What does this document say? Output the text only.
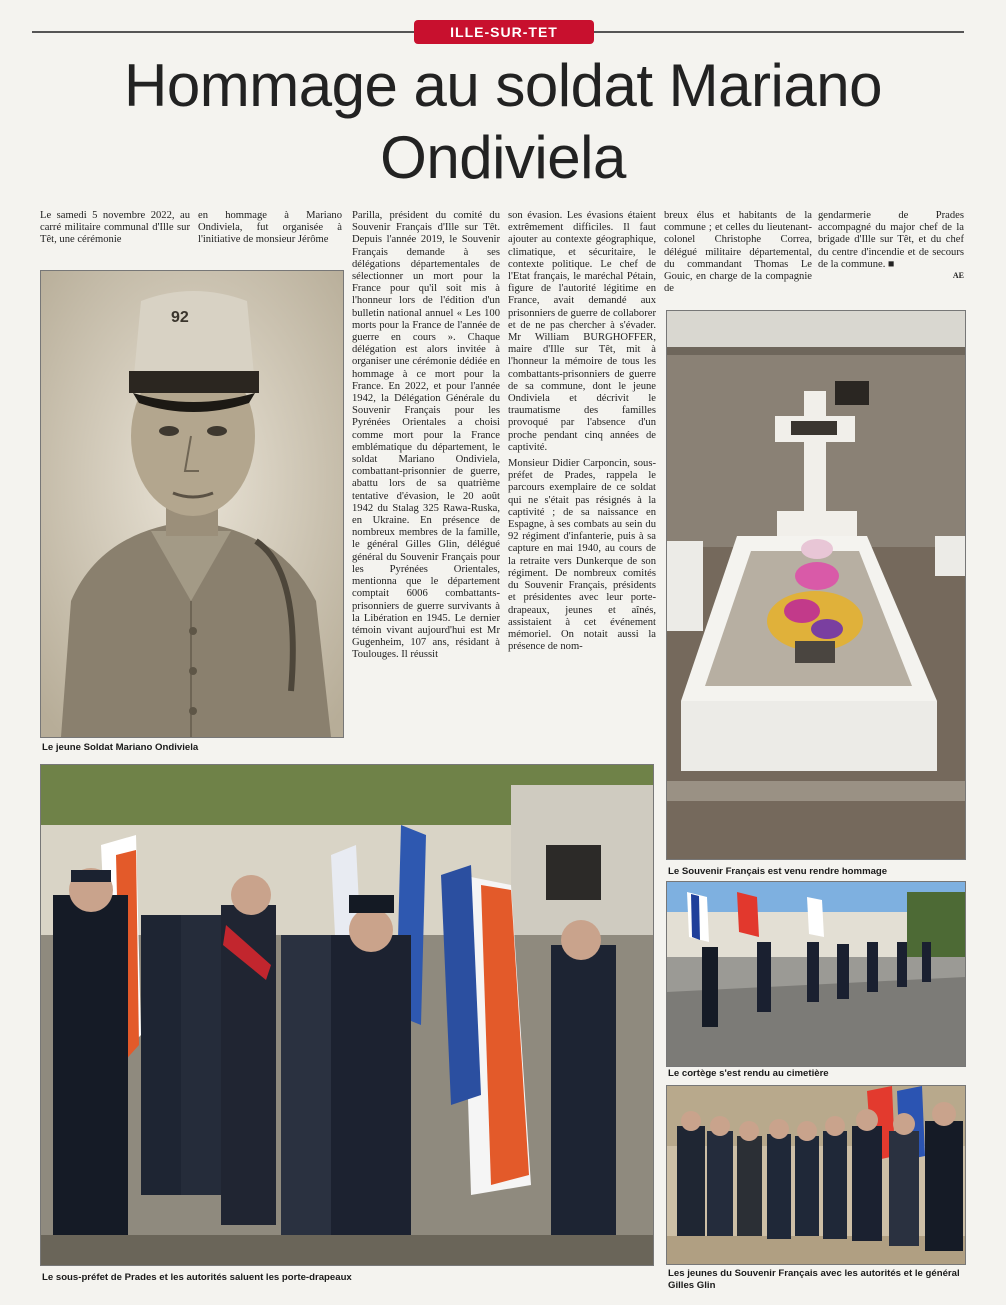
ILLE-SUR-TET
Hommage au soldat Mariano Ondiviela
Le samedi 5 novembre 2022, au carré militaire communal d'Ille sur Têt, une cérémonie
en hommage à Mariano Ondiviela, fut organisée à l'initiative de monsieur Jérôme
Parilla, président du comité du Souvenir Français d'Ille sur Têt. Depuis l'année 2019, le Souvenir Français demande à ses délégations départementales de sélectionner un mort pour la France pour qu'il soit mis à l'honneur lors de l'édition d'un bulletin national annuel « Les 100 morts pour la France de l'année de guerre en cours ». Chaque délégation est alors invitée à organiser une cérémonie dédiée en hommage à ce mort pour la France. En 2022, et pour l'année 1942, la Délégation Générale du Souvenir Français pour les Pyrénées Orientales a choisi comme mort pour la France emblématique du département, le soldat Mariano Ondiviela, combattant-prisonnier de guerre, abattu lors de sa quatrième tentative d'évasion, le 20 août 1942 du Stalag 325 Rawa-Ruska, en Ukraine. En présence de nombreux membres de la famille, le général Gilles Glin, délégué général du Souvenir Français pour les Pyrénées Orientales, mentionna que le département comptait 6006 combattants-prisonniers de guerre survivants à la Libération en 1945. Le dernier témoin vivant aujourd'hui est Mr Gugenheim, 107 ans, résidant à Toulouges. Il réussit
son évasion. Les évasions étaient extrêmement difficiles. Il faut ajouter au contexte géographique, climatique, et sécuritaire, le contexte politique. Le chef de l'Etat français, le maréchal Pétain, figure de l'autorité légitime en France, avait demandé aux prisonniers de guerre de collaborer et de ne pas chercher à s'évader. Mr William BURGHOFFER, maire d'Ille sur Têt, mit à l'honneur la mémoire de tous les combattants-prisonniers de guerre de sa commune, dont le jeune Ondiviela et décrivit le traumatisme des familles provoqué par l'absence d'un proche pendant cinq années de captivité.
Monsieur Didier Carponcin, sous-préfet de Prades, rappela le parcours exemplaire de ce soldat qui ne s'était pas résignés à la captivité ; de sa naissance en Espagne, à ses combats au sein du 92 régiment d'infanterie, puis à sa capture en mai 1940, au cours de la retraite vers Dunkerque de son régiment. De nombreux comités du Souvenir Français, présidents et présidentes avec leur porte-drapeaux, jeunes et aînés, assistaient à cet événement mémoriel. On notait aussi la présence de nom-
breux élus et habitants de la commune ; et celles du lieutenant-colonel Christophe Correa, délégué militaire départemental, du commandant Thomas Le Gouic, en charge de la compagnie de
gendarmerie de Prades accompagné du major chef de la brigade d'Ille sur Têt, et du chef du centre d'incendie et de secours de la commune. ■
AE
92
Le jeune Soldat Mariano Ondiviela
Le Souvenir Français est venu rendre hommage
Le sous-préfet de Prades et les autorités saluent les porte-drapeaux
Le cortège s'est rendu au cimetière
Les jeunes du Souvenir Français avec les autorités et le général Gilles Glin
